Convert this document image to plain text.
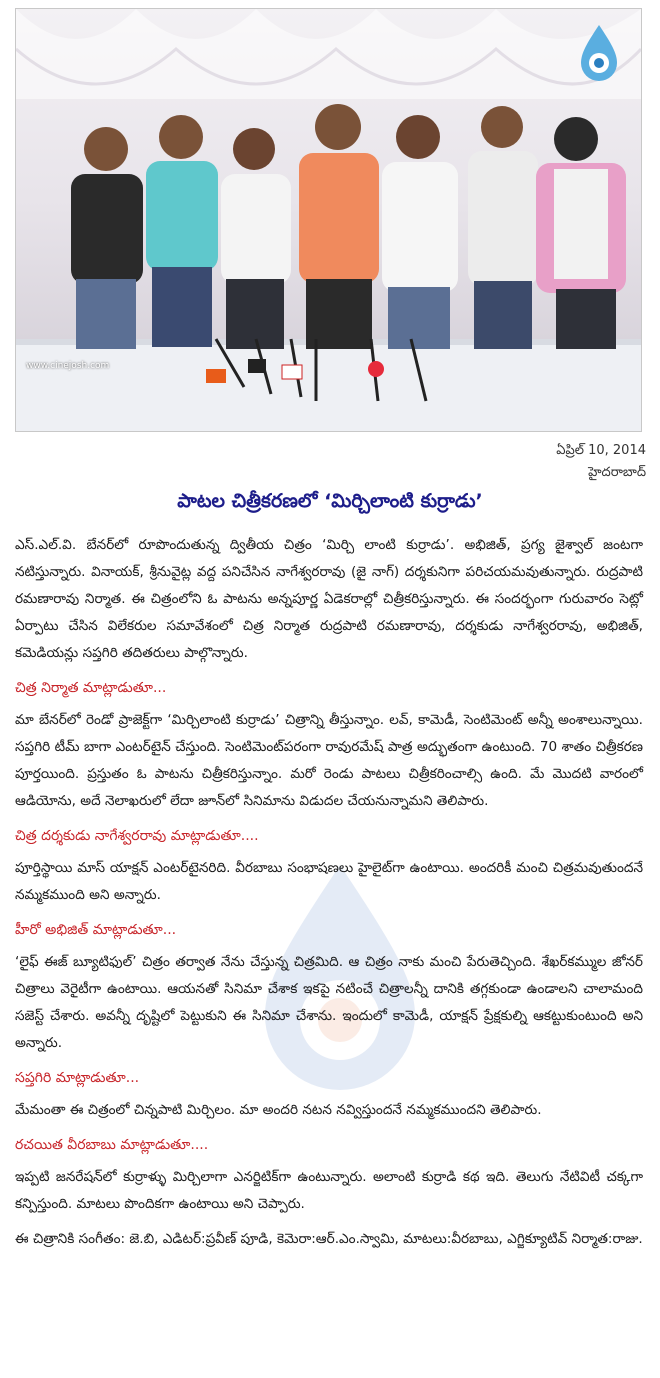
www.cinejosh.com
ఏప్రిల్ 10, 2014
హైదరాబాద్
పాటల చిత్రీకరణలో ‘మిర్చిలాంటి కుర్రాడు’

ఎస్.ఎల్.వి. బేనర్‌లో రూపొందుతున్న ద్వితీయ చిత్రం ‘మిర్చి లాంటి కుర్రాడు’. అభిజిత్, ప్రగ్య జైశ్వాల్ జంటగా నటిస్తున్నారు. వినాయక్, శ్రీనువైట్ల వద్ద పనిచేసిన నాగేశ్వరరావు (జై నాగ్) దర్శకునిగా పరిచయమవుతున్నారు. రుద్రపాటి రమణారావు నిర్మాత. ఈ చిత్రంలోని ఓ పాటను అన్నపూర్ణ ఏడెకరాల్లో చిత్రీకరిస్తున్నారు. ఈ సందర్భంగా గురువారం సెట్లో ఏర్పాటు చేసిన విలేకరుల సమావేశంలో చిత్ర నిర్మాత రుద్రపాటి రమణారావు, దర్శకుడు నాగేశ్వరరావు, అభిజిత్, కమెడియన్లు సప్తగిరి తదితరులు పాల్గొన్నారు.

చిత్ర నిర్మాత మాట్లాడుతూ...

మా బేనర్‌లో రెండో ప్రాజెక్ట్‌గా ‘మిర్చిలాంటి కుర్రాడు’ చిత్రాన్ని తీస్తున్నాం. లవ్, కామెడీ, సెంటిమెంట్ అన్నీ అంశాలున్నాయి. సప్తగిరి టీమ్ బాగా ఎంటర్‌టైన్ చేస్తుంది. సెంటిమెంట్‌పరంగా రావురమేష్ పాత్ర అద్భుతంగా ఉంటుంది. 70 శాతం చిత్రీకరణ పూర్తయింది. ప్రస్తుతం ఓ పాటను చిత్రీకరిస్తున్నాం. మరో రెండు పాటలు చిత్రీకరించాల్సి ఉంది. మే మొదటి వారంలో ఆడియోను, అదే నెలాఖరులో లేదా జూన్‌లో సినిమాను విడుదల చేయనున్నామని తెలిపారు.

చిత్ర దర్శకుడు నాగేశ్వరరావు మాట్లాడుతూ....

పూర్తిస్థాయి మాస్ యాక్షన్ ఎంటర్‌టైనరిది. వీరబాబు సంభాషణలు హైలైట్‌గా ఉంటాయి. అందరికీ మంచి చిత్రమవుతుందనే నమ్మకముంది అని అన్నారు.

హీరో అభిజిత్ మాట్లాడుతూ...

‘లైఫ్ ఈజ్ బ్యూటిఫుల్’ చిత్రం తర్వాత నేను చేస్తున్న చిత్రమిది. ఆ చిత్రం నాకు మంచి పేరుతెచ్చింది. శేఖర్‌కమ్ముల జోనర్ చిత్రాలు వెరైటీగా ఉంటాయి. ఆయనతో సినిమా చేశాక ఇకపై నటించే చిత్రాలన్నీ దానికి తగ్గకుండా ఉండాలని చాలామంది సజెస్ట్ చేశారు. అవన్నీ దృష్టిలో పెట్టుకుని ఈ సినిమా చేశాను. ఇందులో కామెడీ, యాక్షన్ ప్రేక్షకుల్ని ఆకట్టుకుంటుంది అని అన్నారు.

సప్తగిరి మాట్లాడుతూ...

మేమంతా ఈ చిత్రంలో చిన్నపాటి మిర్చిలం. మా అందరి నటన నవ్విస్తుందనే నమ్మకముందని తెలిపారు.

రచయిత వీరబాబు మాట్లాడుతూ....

ఇప్పటి జనరేషన్‌లో కుర్రాళ్ళు మిర్చిలాగా ఎనర్జిటిక్‌గా ఉంటున్నారు. అలాంటి కుర్రాడి కథ ఇది. తెలుగు నేటివిటీ చక్కగా కన్పిస్తుంది. మాటలు పొందికగా ఉంటాయి అని చెప్పారు.

ఈ చిత్రానికి సంగీతం: జె.బి, ఎడిటర్:ప్రవీణ్ పూడి, కెమెరా:ఆర్.ఎం.స్వామి, మాటలు:వీరబాబు, ఎగ్జిక్యూటివ్ నిర్మాత:రాజు.
